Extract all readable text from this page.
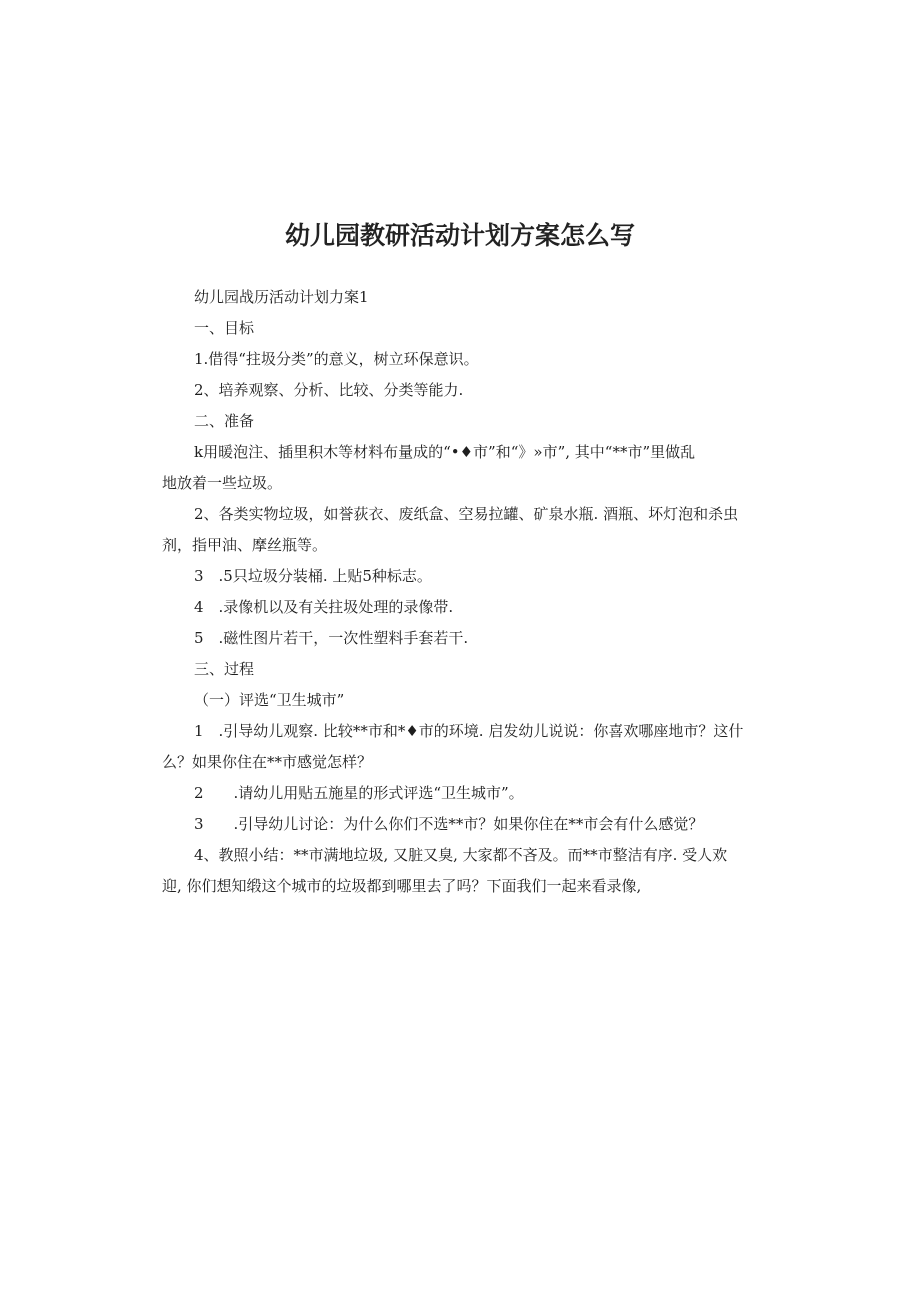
幼儿园教研活动计划方案怎么写
幼儿园战历活动计划力案1
一、目标
1.借得“拄圾分类”的意义，树立环保意识。
2、培养观察、分析、比较、分类等能力.
二、准备
k用暖泡注、插里积木等材料布量成的“•♦市”和“》»市”, 其中“**市”里做乱
地放着一些垃圾。
2、各类实物垃圾，如誉荻衣、废纸盒、空易拉罐、矿泉水瓶. 酒瓶、坏灯泡和杀虫
剂，指甲油、摩丝瓶等。
3　.5只垃圾分装桶. 上贴5种标志。
4　.录像机以及有关拄圾处理的录像带.
5　.磁性图片若干，一次性塑料手套若干.
三、过程
（一）评选“卫生城市”
1　.引导幼儿观察. 比较**市和*♦市的环境. 启发幼儿说说：你喜欢哪座地市？这什
么？如果你住在**市感觉怎样？
2　　.请幼儿用贴五施星的形式评选“卫生城市”。
3　　.引导幼儿讨论：为什么你们不选**市？如果你住在**市会有什么感觉？
4、教照小结：**市满地垃圾, 又脏又臭, 大家都不吝及。而**市整洁有序. 受人欢
迎, 你们想知缎这个城市的垃圾都到哪里去了吗？下面我们一起来看录像,
